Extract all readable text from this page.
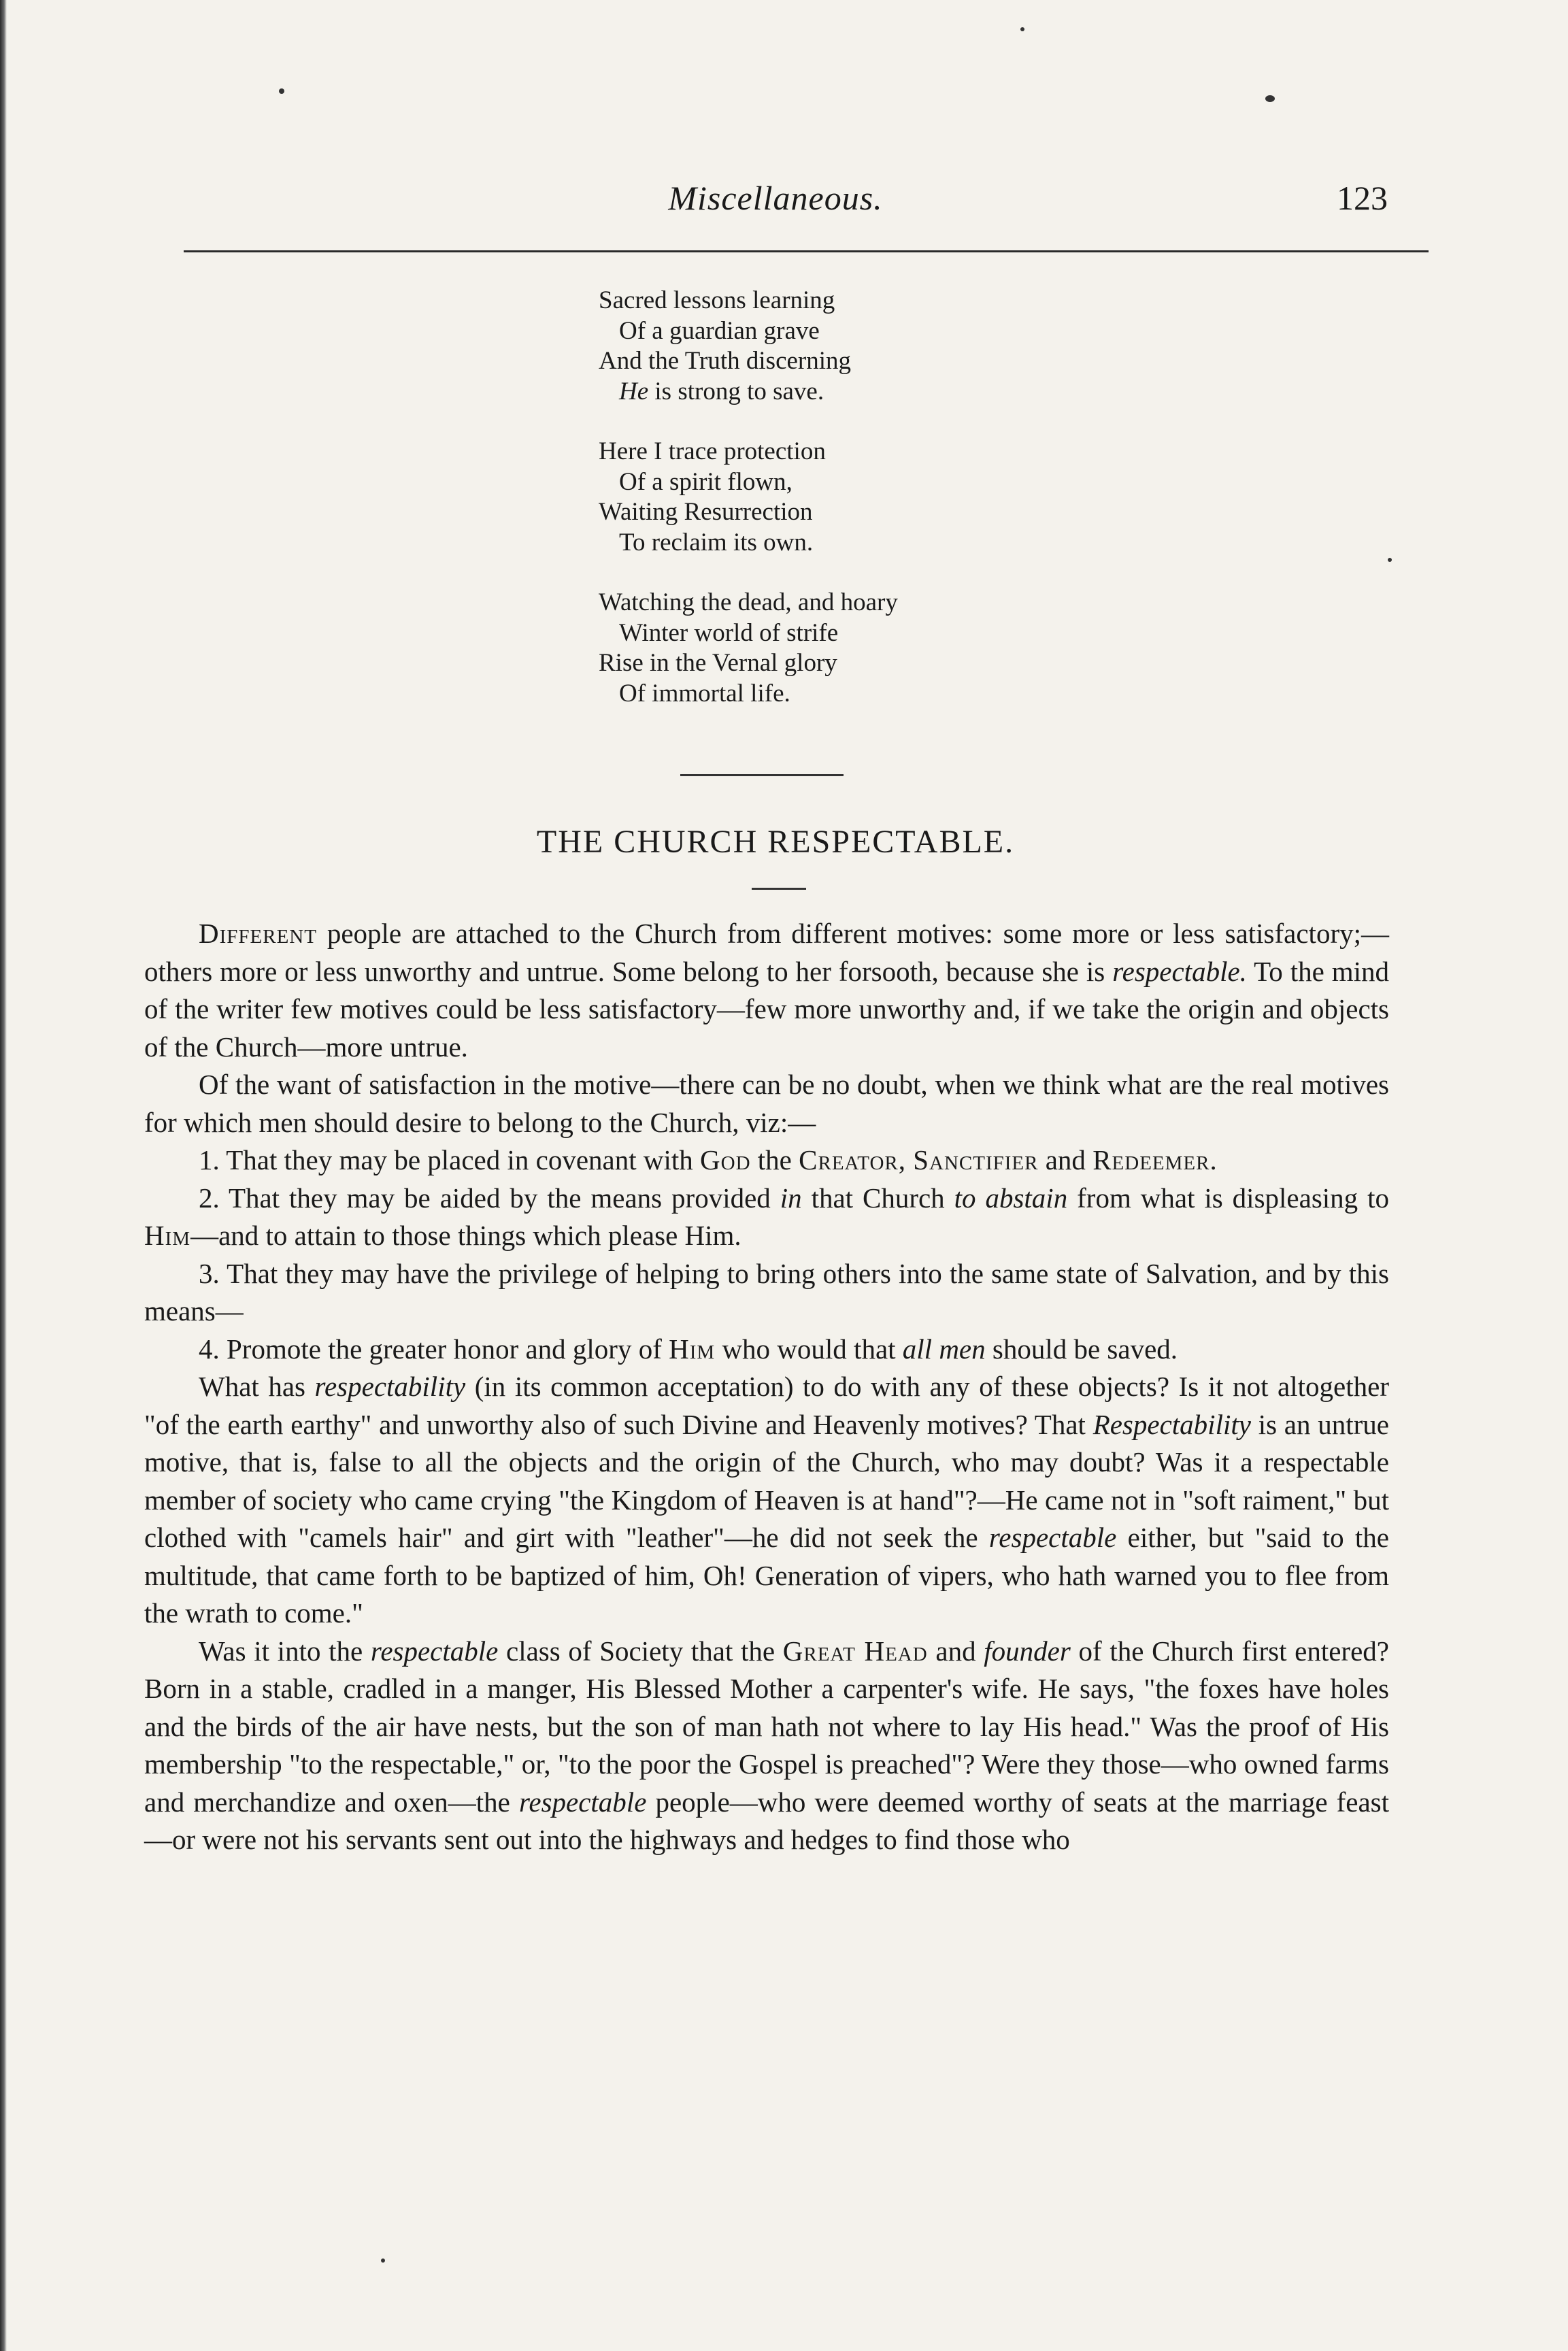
Miscellaneous.	123
Sacred lessons learning
Of a guardian grave
And the Truth discerning
He is strong to save.
Here I trace protection
Of a spirit flown,
Waiting Resurrection
To reclaim its own.
Watching the dead, and hoary
Winter world of strife
Rise in the Vernal glory
Of immortal life.
THE CHURCH RESPECTABLE.

Different people are attached to the Church from different motives: some more or less satisfactory;—others more or less unworthy and untrue. Some belong to her forsooth, because she is respectable. To the mind of the writer few motives could be less satisfactory—few more unworthy and, if we take the origin and objects of the Church—more untrue.

Of the want of satisfaction in the motive—there can be no doubt, when we think what are the real motives for which men should desire to belong to the Church, viz:—

1. That they may be placed in covenant with God the Creator, Sanctifier and Redeemer.

2. That they may be aided by the means provided in that Church to abstain from what is displeasing to Him—and to attain to those things which please Him.

3. That they may have the privilege of helping to bring others into the same state of Salvation, and by this means—

4. Promote the greater honor and glory of Him who would that all men should be saved.

What has respectability (in its common acceptation) to do with any of these objects? Is it not altogether "of the earth earthy" and unworthy also of such Divine and Heavenly motives? That Respectability is an untrue motive, that is, false to all the objects and the origin of the Church, who may doubt? Was it a respectable member of society who came crying "the Kingdom of Heaven is at hand"?—He came not in "soft raiment," but clothed with "camels hair" and girt with "leather"—he did not seek the respectable either, but "said to the multitude, that came forth to be baptized of him, Oh! Generation of vipers, who hath warned you to flee from the wrath to come."

Was it into the respectable class of Society that the Great Head and founder of the Church first entered? Born in a stable, cradled in a manger, His Blessed Mother a carpenter's wife. He says, "the foxes have holes and the birds of the air have nests, but the son of man hath not where to lay His head." Was the proof of His membership "to the respectable," or, "to the poor the Gospel is preached"? Were they those—who owned farms and merchandize and oxen—the respectable people—who were deemed worthy of seats at the marriage feast—or were not his servants sent out into the highways and hedges to find those who
